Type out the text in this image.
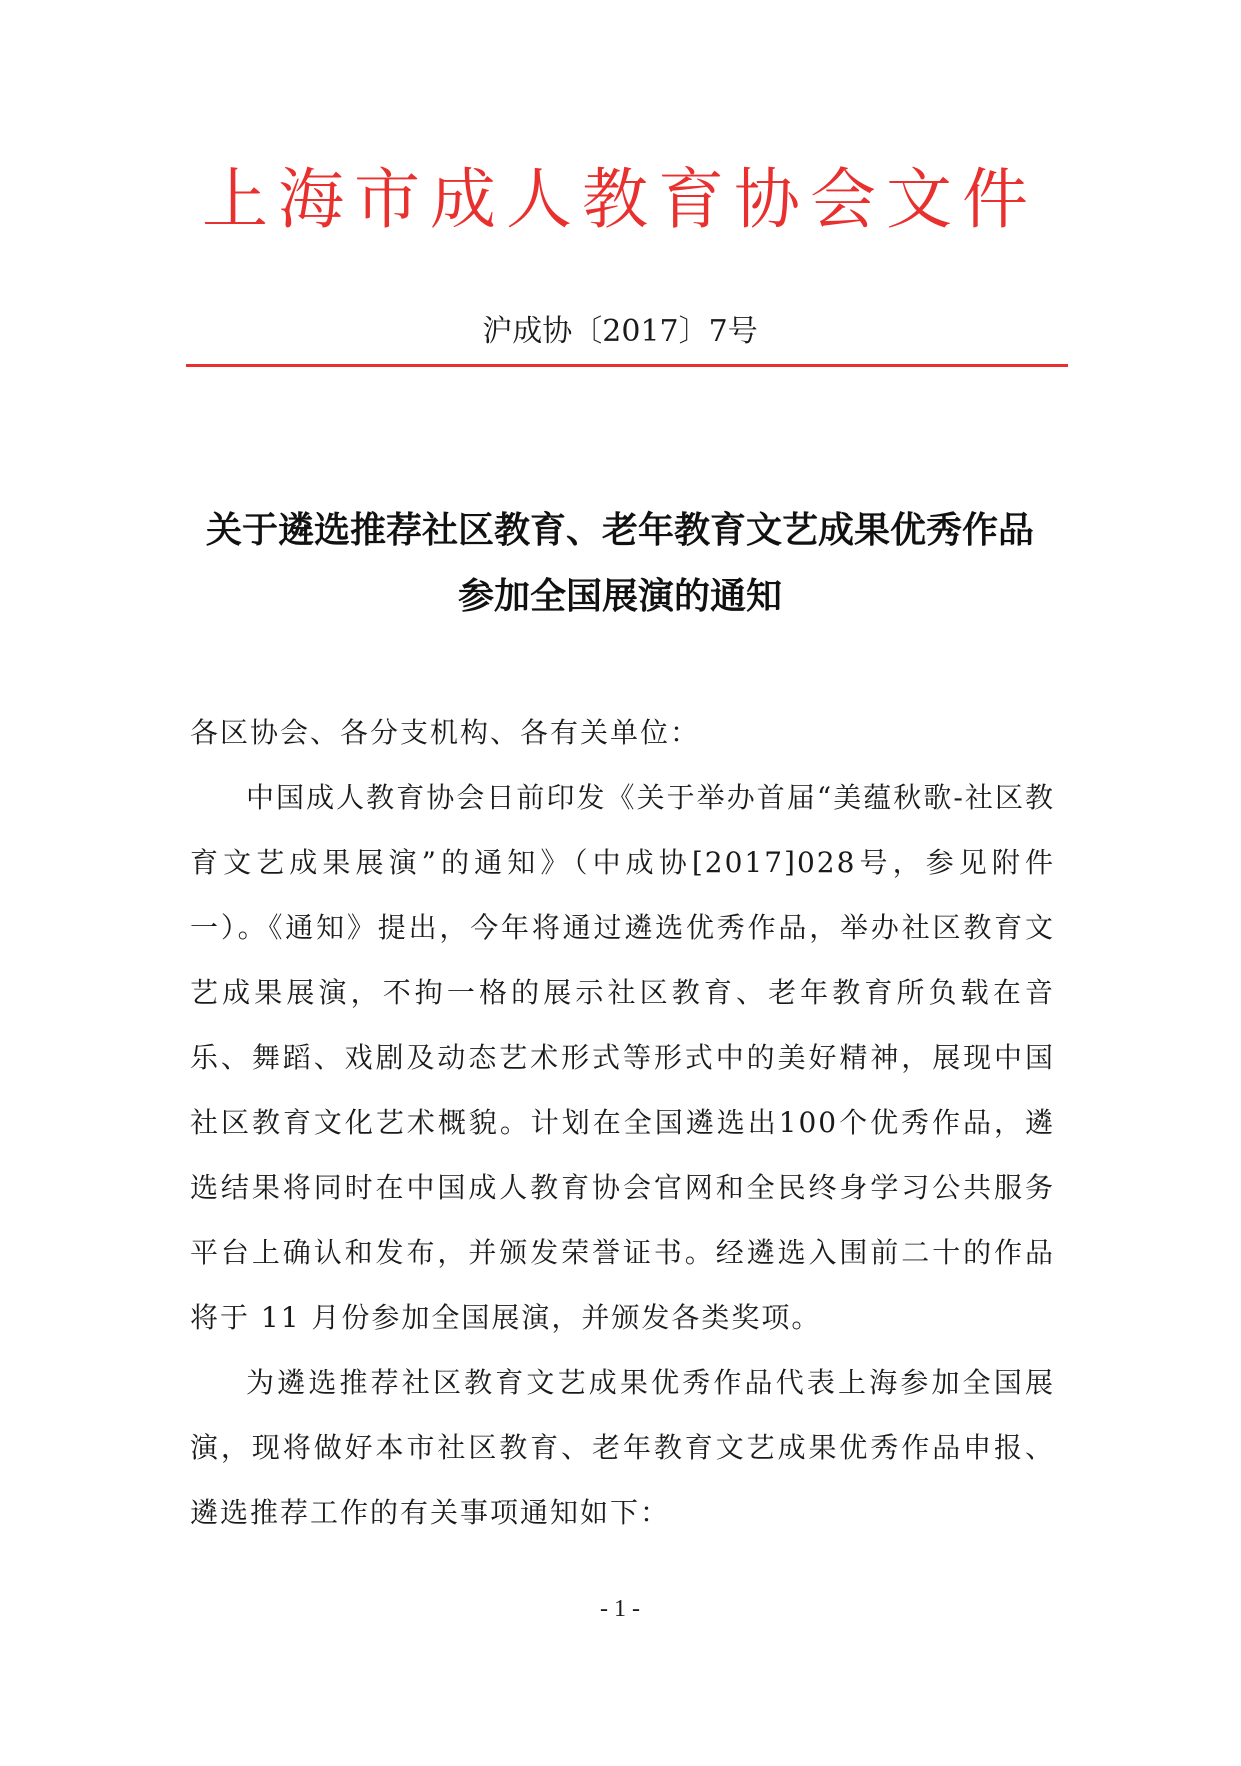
上海市成人教育协会文件
沪成协〔2017〕7号
关于遴选推荐社区教育、老年教育文艺成果优秀作品
参加全国展演的通知

各区协会、各分支机构、各有关单位：

中国成人教育协会日前印发《关于举办首届“美蕴秋歌-社区教育文艺成果展演”的通知》（中成协[2017]028号，参见附件一）。《通知》提出，今年将通过遴选优秀作品，举办社区教育文艺成果展演，不拘一格的展示社区教育、老年教育所负载在音乐、舞蹈、戏剧及动态艺术形式等形式中的美好精神，展现中国社区教育文化艺术概貌。计划在全国遴选出100个优秀作品，遴选结果将同时在中国成人教育协会官网和全民终身学习公共服务平台上确认和发布，并颁发荣誉证书。经遴选入围前二十的作品将于 11 月份参加全国展演，并颁发各类奖项。

为遴选推荐社区教育文艺成果优秀作品代表上海参加全国展演，现将做好本市社区教育、老年教育文艺成果优秀作品申报、遴选推荐工作的有关事项通知如下：

- 1 -
